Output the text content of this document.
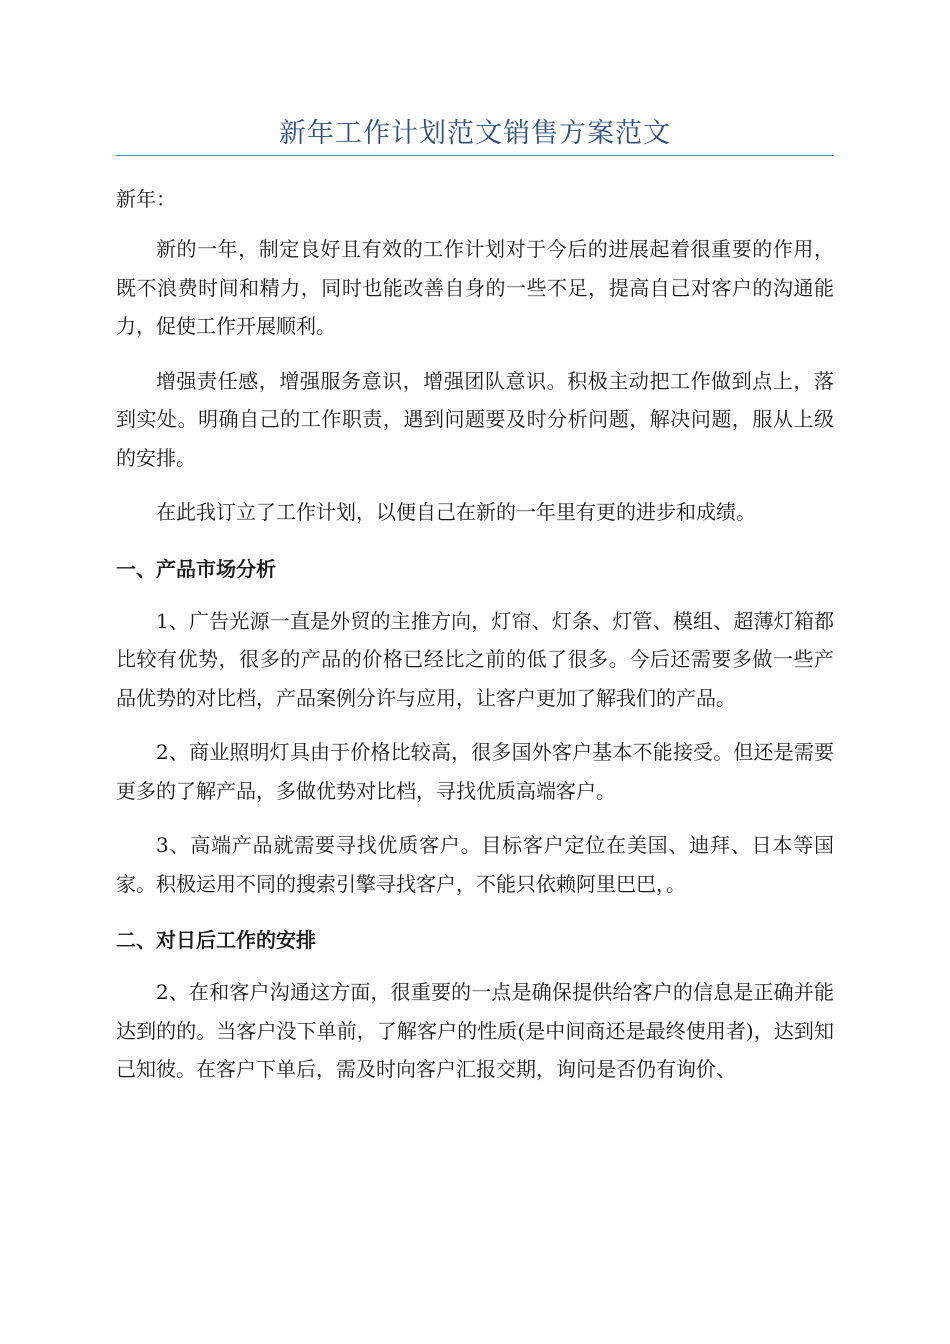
新年工作计划范文销售方案范文

新年：

新的一年，制定良好且有效的工作计划对于今后的进展起着很重要的作用，既不浪费时间和精力，同时也能改善自身的一些不足，提高自己对客户的沟通能力，促使工作开展顺利。

增强责任感，增强服务意识，增强团队意识。积极主动把工作做到点上，落到实处。明确自己的工作职责，遇到问题要及时分析问题，解决问题，服从上级的安排。

在此我订立了工作计划，以便自己在新的一年里有更的进步和成绩。

一、产品市场分析

1、广告光源一直是外贸的主推方向，灯帘、灯条、灯管、模组、超薄灯箱都比较有优势，很多的产品的价格已经比之前的低了很多。今后还需要多做一些产品优势的对比档，产品案例分许与应用，让客户更加了解我们的产品。

2、商业照明灯具由于价格比较高，很多国外客户基本不能接受。但还是需要更多的了解产品，多做优势对比档，寻找优质高端客户。

3、高端产品就需要寻找优质客户。目标客户定位在美国、迪拜、日本等国家。积极运用不同的搜索引擎寻找客户，不能只依赖阿里巴巴，。

二、对日后工作的安排

2、在和客户沟通这方面，很重要的一点是确保提供给客户的信息是正确并能达到的的。当客户没下单前，了解客户的性质(是中间商还是最终使用者)，达到知己知彼。在客户下单后，需及时向客户汇报交期，询问是否仍有询价、
